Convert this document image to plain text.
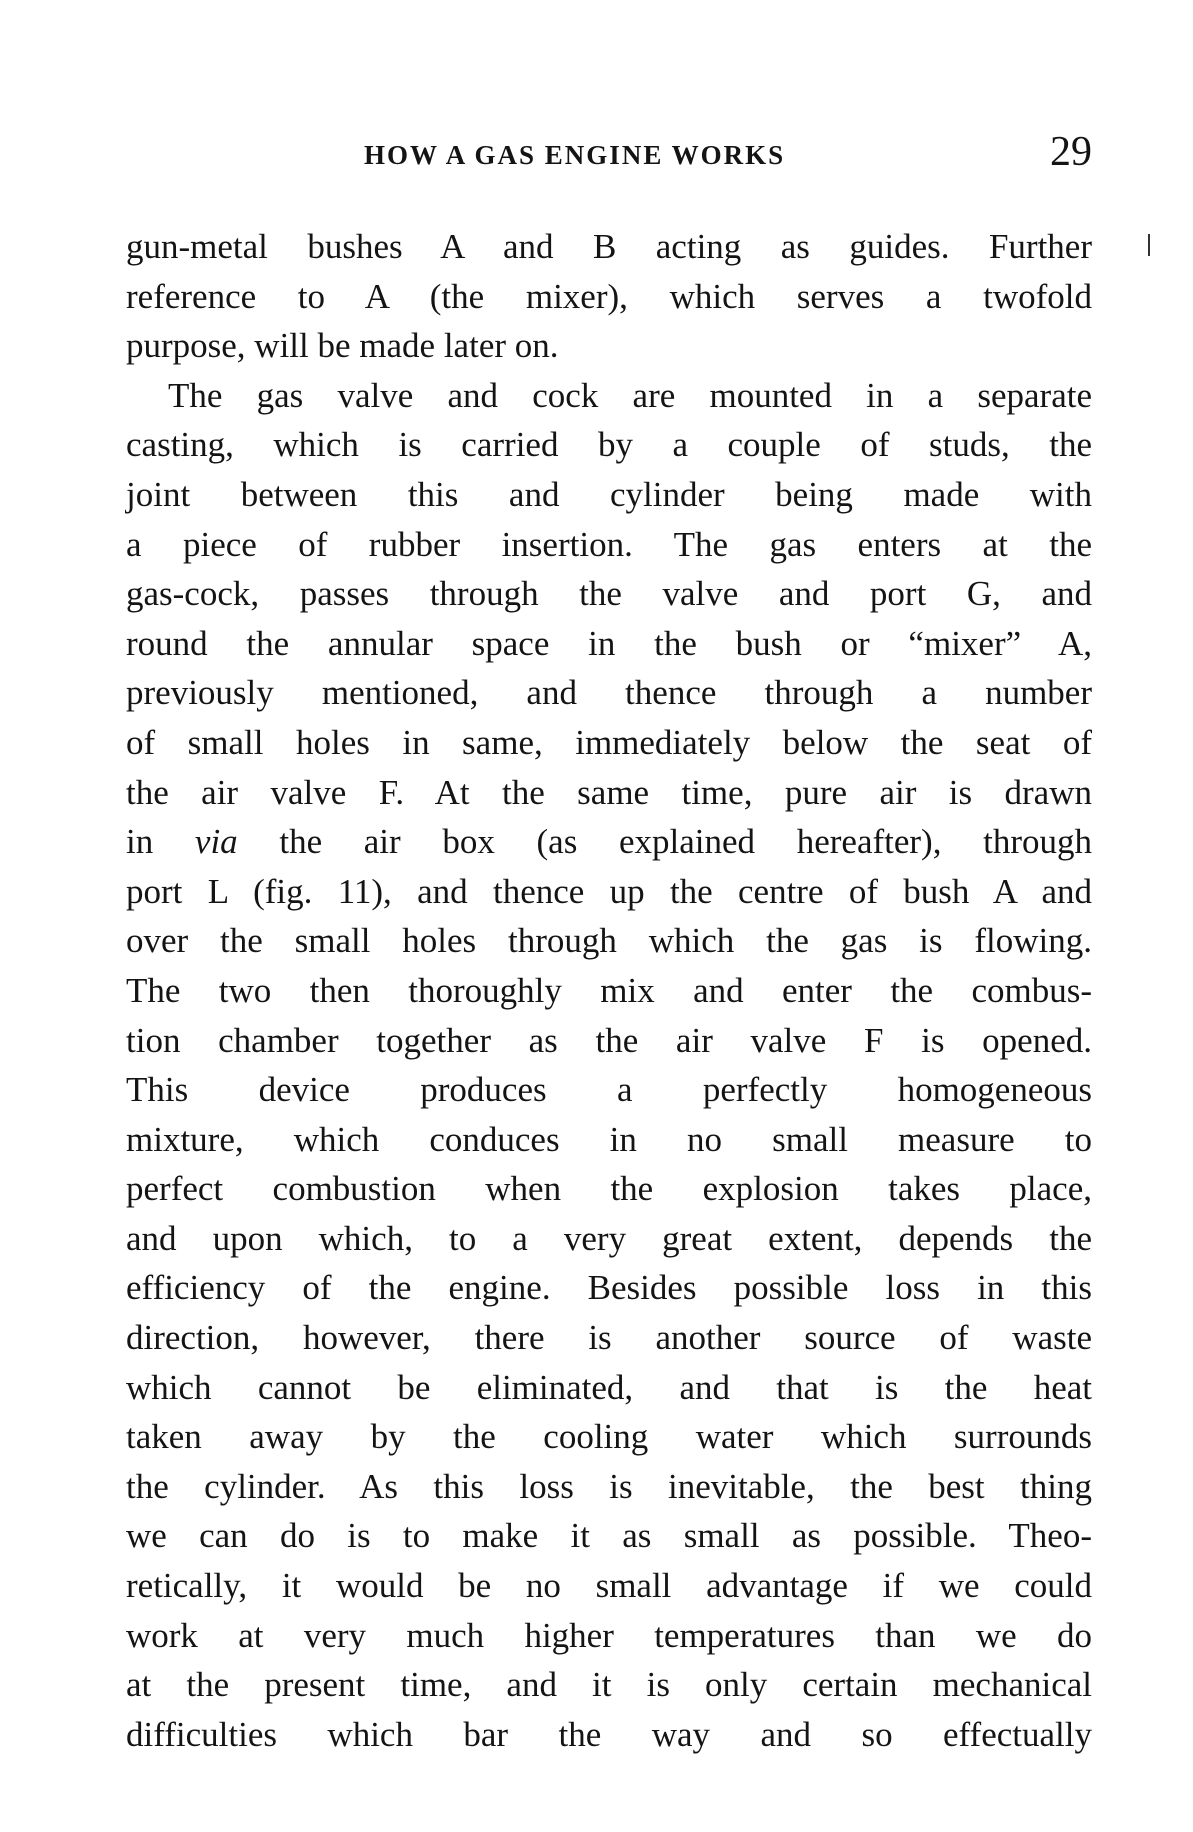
HOW A GAS ENGINE WORKS	29
gun-metal bushes A and B acting as guides. Further
reference to A (the mixer), which serves a twofold
purpose, will be made later on.
The gas valve and cock are mounted in a separate
casting, which is carried by a couple of studs, the
joint between this and cylinder being made with
a piece of rubber insertion. The gas enters at the
gas-cock, passes through the valve and port G, and
round the annular space in the bush or “mixer” A,
previously mentioned, and thence through a number
of small holes in same, immediately below the seat of
the air valve F. At the same time, pure air is drawn
in via the air box (as explained hereafter), through
port L (fig. 11), and thence up the centre of bush A and
over the small holes through which the gas is flowing.
The two then thoroughly mix and enter the combus-
tion chamber together as the air valve F is opened.
This device produces a perfectly homogeneous
mixture, which conduces in no small measure to
perfect combustion when the explosion takes place,
and upon which, to a very great extent, depends the
efficiency of the engine. Besides possible loss in this
direction, however, there is another source of waste
which cannot be eliminated, and that is the heat
taken away by the cooling water which surrounds
the cylinder. As this loss is inevitable, the best thing
we can do is to make it as small as possible. Theo-
retically, it would be no small advantage if we could
work at very much higher temperatures than we do
at the present time, and it is only certain mechanical
difficulties which bar the way and so effectually
